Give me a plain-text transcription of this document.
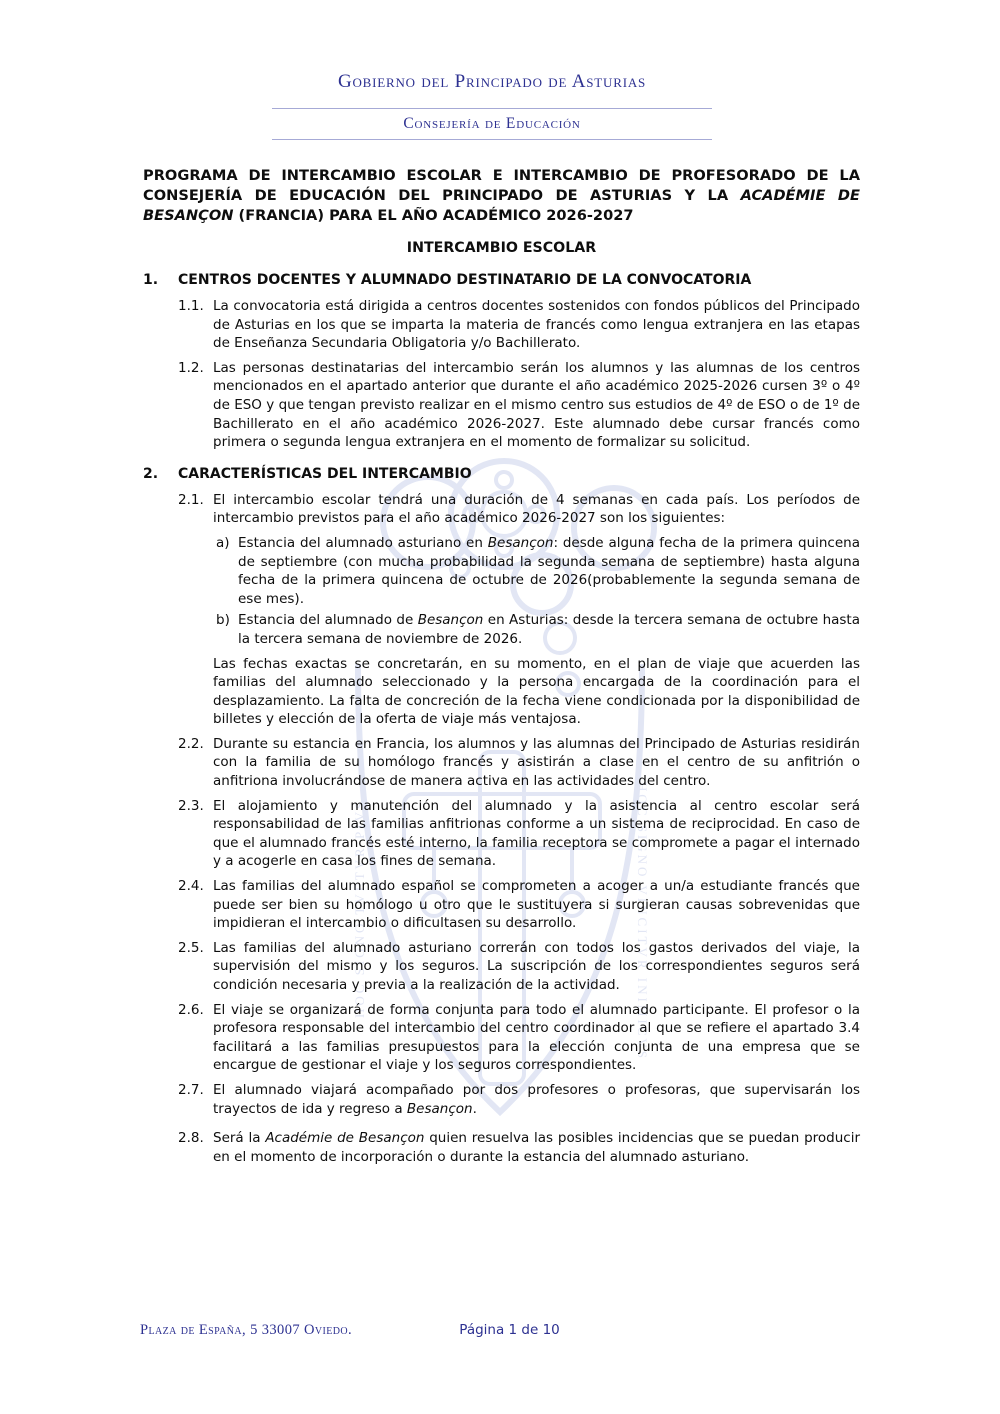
Gobierno del Principado de Asturias
Consejería de Educación
HOC SIGNO TVETVR PIVS	HOC SIGNO VINCITVR INIMICVS

PROGRAMA DE INTERCAMBIO ESCOLAR E INTERCAMBIO DE PROFESORADO DE LA CONSEJERÍA DE EDUCACIÓN DEL PRINCIPADO DE ASTURIAS Y LA ACADÉMIE DE BESANÇON (FRANCIA) PARA EL AÑO ACADÉMICO 2026-2027

INTERCAMBIO ESCOLAR

1.	CENTROS DOCENTES Y ALUMNADO DESTINATARIO DE LA CONVOCATORIA
1.1. La convocatoria está dirigida a centros docentes sostenidos con fondos públicos del Principado de Asturias en los que se imparta la materia de francés como lengua extranjera en las etapas de Enseñanza Secundaria Obligatoria y/o Bachillerato.

1.2. Las personas destinatarias del intercambio serán los alumnos y las alumnas de los centros mencionados en el apartado anterior que durante el año académico 2025-2026 cursen 3º o 4º de ESO y que tengan previsto realizar en el mismo centro sus estudios de 4º de ESO o de 1º de Bachillerato en el año académico 2026-2027. Este alumnado debe cursar francés como primera o segunda lengua extranjera en el momento de formalizar su solicitud.

2.	CARACTERÍSTICAS DEL INTERCAMBIO
2.1. El intercambio escolar tendrá una duración de 4 semanas en cada país. Los períodos de intercambio previstos para el año académico 2026-2027 son los siguientes:

a) Estancia del alumnado asturiano en Besançon: desde alguna fecha de la primera quincena de septiembre (con mucha probabilidad la segunda semana de septiembre) hasta alguna fecha de la primera quincena de octubre de 2026(probablemente la segunda semana de ese mes).

b) Estancia del alumnado de Besançon en Asturias: desde la tercera semana de octubre hasta la tercera semana de noviembre de 2026.

Las fechas exactas se concretarán, en su momento, en el plan de viaje que acuerden las familias del alumnado seleccionado y la persona encargada de la coordinación para el desplazamiento. La falta de concreción de la fecha viene condicionada por la disponibilidad de billetes y elección de la oferta de viaje más ventajosa.

2.2. Durante su estancia en Francia, los alumnos y las alumnas del Principado de Asturias residirán con la familia de su homólogo francés y asistirán a clase en el centro de su anfitrión o anfitriona involucrándose de manera activa en las actividades del centro.

2.3. El alojamiento y manutención del alumnado y la asistencia al centro escolar será responsabilidad de las familias anfitrionas conforme a un sistema de reciprocidad. En caso de que el alumnado francés esté interno, la familia receptora se compromete a pagar el internado y a acogerle en casa los fines de semana.

2.4. Las familias del alumnado español se comprometen a acoger a un/a estudiante francés que puede ser bien su homólogo u otro que le sustituyera si surgieran causas sobrevenidas que impidieran el intercambio o dificultasen su desarrollo.

2.5. Las familias del alumnado asturiano correrán con todos los gastos derivados del viaje, la supervisión del mismo y los seguros. La suscripción de los correspondientes seguros será condición necesaria y previa a la realización de la actividad.

2.6. El viaje se organizará de forma conjunta para todo el alumnado participante. El profesor o la profesora responsable del intercambio del centro coordinador al que se refiere el apartado 3.4 facilitará a las familias presupuestos para la elección conjunta de una empresa que se encargue de gestionar el viaje y los seguros correspondientes.

2.7. El alumnado viajará acompañado por dos profesores o profesoras, que supervisarán los trayectos de ida y regreso a Besançon.

2.8. Será la Académie de Besançon quien resuelva las posibles incidencias que se puedan producir en el momento de incorporación o durante la estancia del alumnado asturiano.

Plaza de España, 5 33007 Oviedo.	Página 1 de 10
